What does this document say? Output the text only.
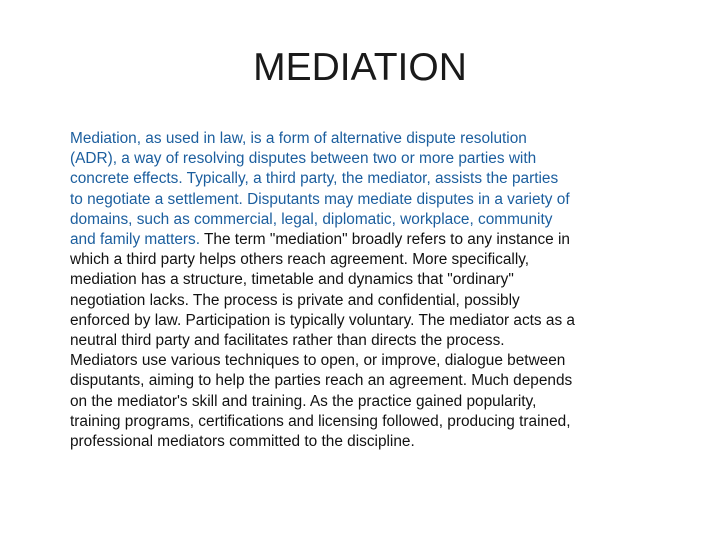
MEDIATION
Mediation, as used in law, is a form of alternative dispute resolution
(ADR), a way of resolving disputes between two or more parties with
concrete effects. Typically, a third party, the mediator, assists the parties
to negotiate a settlement. Disputants may mediate disputes in a variety of
domains, such as commercial, legal, diplomatic, workplace, community
and family matters. The term "mediation" broadly refers to any instance in
which a third party helps others reach agreement. More specifically,
mediation has a structure, timetable and dynamics that "ordinary"
negotiation lacks. The process is private and confidential, possibly
enforced by law. Participation is typically voluntary. The mediator acts as a
neutral third party and facilitates rather than directs the process.
Mediators use various techniques to open, or improve, dialogue between
disputants, aiming to help the parties reach an agreement. Much depends
on the mediator's skill and training. As the practice gained popularity,
training programs, certifications and licensing followed, producing trained,
professional mediators committed to the discipline.
